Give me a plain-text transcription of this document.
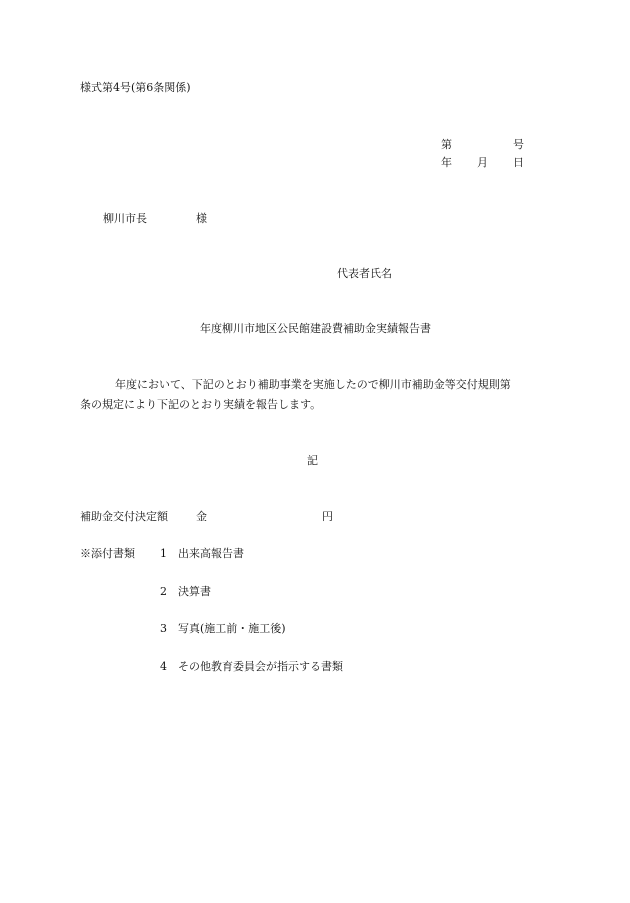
様式第4号(第6条関係)
第	号
年 月 日
柳川市長	様
代表者氏名
年度柳川市地区公民館建設費補助金実績報告書
年度において、下記のとおり補助事業を実施したので柳川市補助金等交付規則第
条の規定により下記のとおり実績を報告します。
記
補助金交付決定額	金	円
※添付書類 1 出来高報告書
2 決算書
3 写真(施工前・施工後)
4 その他教育委員会が指示する書類
